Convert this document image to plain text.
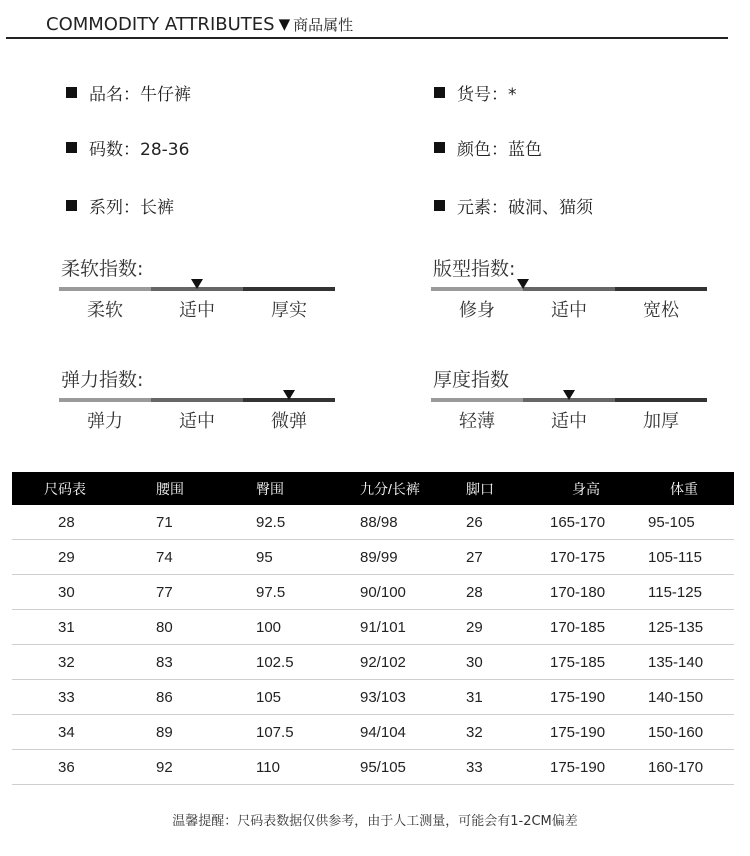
COMMODITY ATTRIBUTES ▼ 商品属性
品名：牛仔裤	货号：*
码数：28-36	颜色：蓝色
系列：长裤	元素：破洞、猫须
柔软指数:
柔软	适中	厚实
版型指数:
修身	适中	宽松
弹力指数:
弹力	适中	微弹
厚度指数
轻薄	适中	加厚
尺码表	腰围	臀围	九分/长裤	脚口	身高	体重
28	71	92.5	88/98	26	165-170	95-105
29	74	95	89/99	27	170-175	105-115
30	77	97.5	90/100	28	170-180	115-125
31	80	100	91/101	29	170-185	125-135
32	83	102.5	92/102	30	175-185	135-140
33	86	105	93/103	31	175-190	140-150
34	89	107.5	94/104	32	175-190	150-160
36	92	110	95/105	33	175-190	160-170
温馨提醒：尺码表数据仅供参考，由于人工测量，可能会有1-2CM偏差
